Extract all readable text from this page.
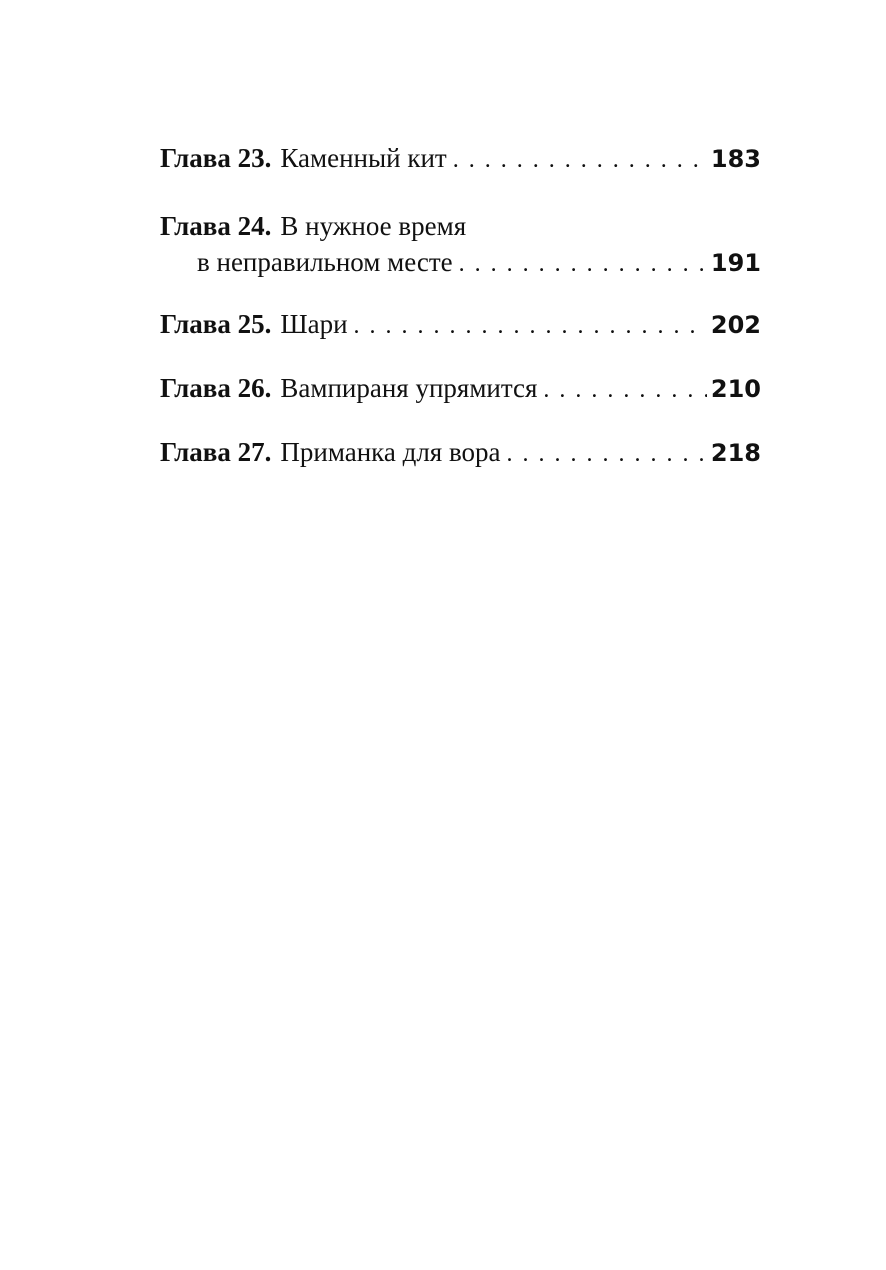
Глава 23. Каменный кит . . .	183
Глава 24. В нужное время
в неправильном месте . . .	191
Глава 25. Шари . . .	202
Глава 26. Вампираня упрямится . . .	210
Глава 27. Приманка для вора . . .	218
